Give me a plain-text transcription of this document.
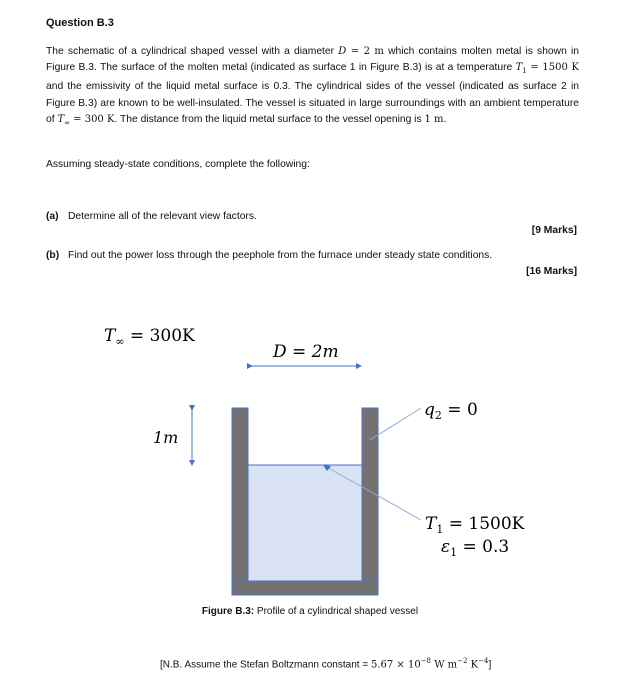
Question B.3
The schematic of a cylindrical shaped vessel with a diameter D = 2 m which contains molten metal is shown in Figure B.3. The surface of the molten metal (indicated as surface 1 in Figure B.3) is at a temperature $T_1 = 1500$ K and the emissivity of the liquid metal surface is 0.3. The cylindrical sides of the vessel (indicated as surface 2 in Figure B.3) are known to be well-insulated. The vessel is situated in large surroundings with an ambient temperature of $T_\infty = 300$ K. The distance from the liquid metal surface to the vessel opening is 1 m.
Assuming steady-state conditions, complete the following:
(a) Determine all of the relevant view factors.
[9 Marks]
(b) Find out the power loss through the peephole from the furnace under steady state conditions.
[16 Marks]
$T_\infty = 300K$
D = 2m
1m
$q_2 = 0$
$T_1 = 1500K$
$\varepsilon_1 = 0.3$
Figure B.3: Profile of a cylindrical shaped vessel
[N.B. Assume the Stefan Boltzmann constant = $5.67 \times 10^{-8}$ W $m^{-2}$ $K^{-4}$]
